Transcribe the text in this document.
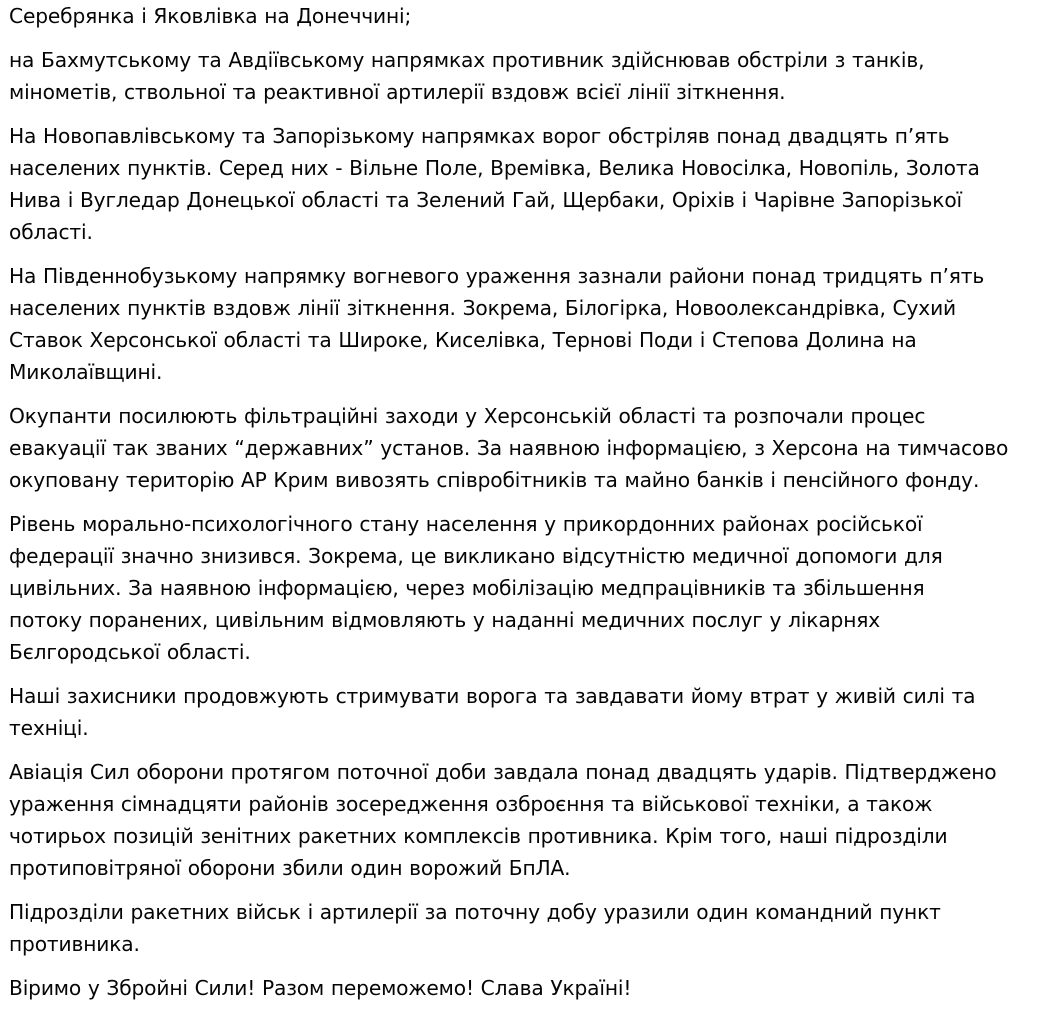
Серебрянка і Яковлівка на Донеччині;

на Бахмутському та Авдіївському напрямках противник здійснював обстріли з танків,
мінометів, ствольної та реактивної артилерії вздовж всієї лінії зіткнення.

На Новопавлівському та Запорізькому напрямках ворог обстріляв понад двадцять п’ять
населених пунктів. Серед них - Вільне Поле, Времівка, Велика Новосілка, Новопіль, Золота
Нива і Вугледар Донецької області та Зелений Гай, Щербаки, Оріхів і Чарівне Запорізької
області.

На Південнобузькому напрямку вогневого ураження зазнали райони понад тридцять п’ять
населених пунктів вздовж лінії зіткнення. Зокрема, Білогірка, Новоолександрівка, Сухий
Ставок Херсонської області та Широке, Киселівка, Тернові Поди і Степова Долина на
Миколаївщині.

Окупанти посилюють фільтраційні заходи у Херсонській області та розпочали процес
евакуації так званих “державних” установ. За наявною інформацією, з Херсона на тимчасово
окуповану територію АР Крим вивозять співробітників та майно банків і пенсійного фонду.

Рівень морально-психологічного стану населення у прикордонних районах російської
федерації значно знизився. Зокрема, це викликано відсутністю медичної допомоги для
цивільних. За наявною інформацією, через мобілізацію медпрацівників та збільшення
потоку поранених, цивільним відмовляють у наданні медичних послуг у лікарнях
Бєлгородської області.

Наші захисники продовжують стримувати ворога та завдавати йому втрат у живій силі та
техніці.

Авіація Сил оборони протягом поточної доби завдала понад двадцять ударів. Підтверджено
ураження сімнадцяти районів зосередження озброєння та військової техніки, а також
чотирьох позицій зенітних ракетних комплексів противника. Крім того, наші підрозділи
протиповітряної оборони збили один ворожий БпЛА.

Підрозділи ракетних військ і артилерії за поточну добу уразили один командний пункт
противника.

Віримо у Збройні Сили! Разом переможемо! Слава Україні!
